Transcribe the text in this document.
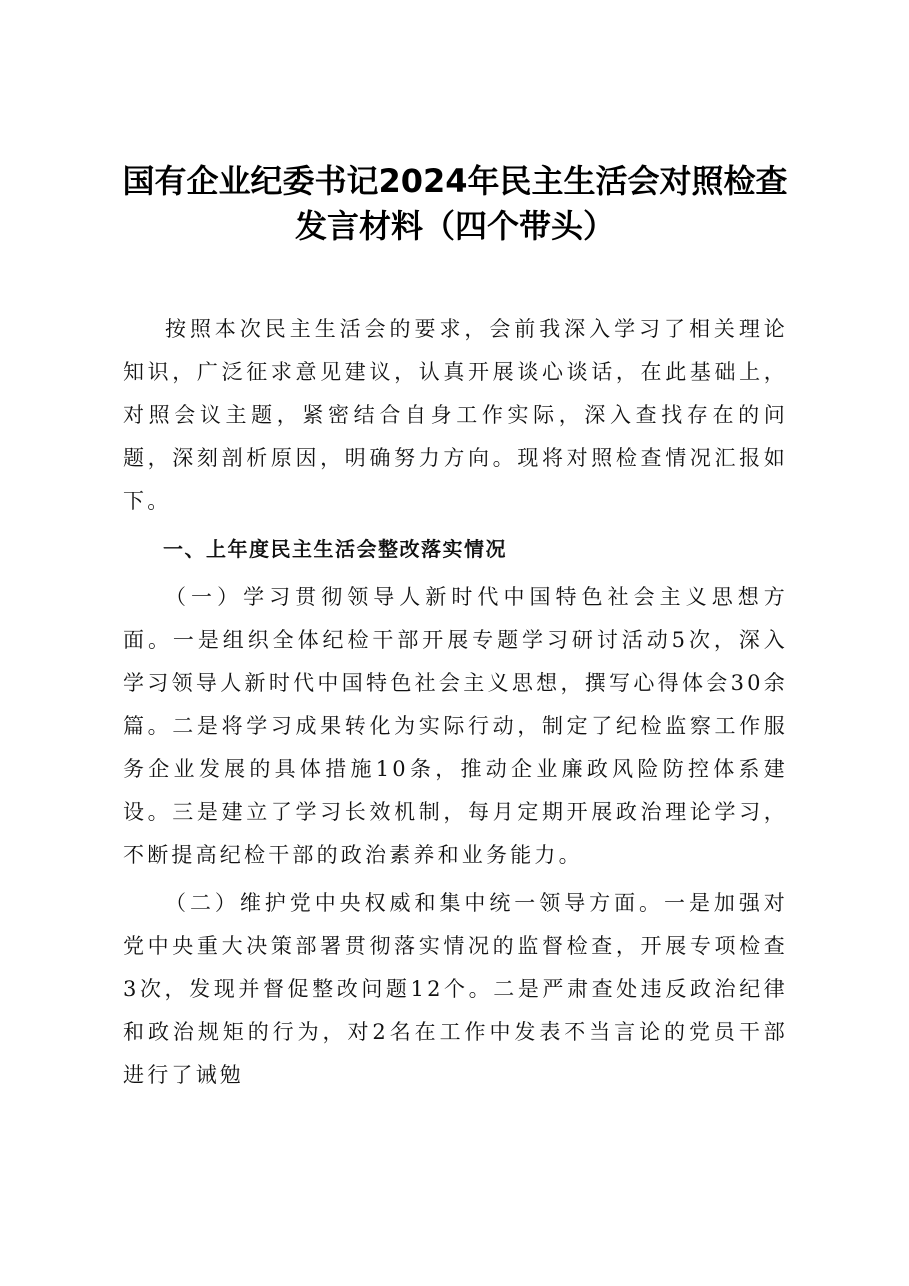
国有企业纪委书记2024年民主生活会对照检查
发言材料（四个带头）

按照本次民主生活会的要求，会前我深入学习了相关理论知识，广泛征求意见建议，认真开展谈心谈话，在此基础上，对照会议主题，紧密结合自身工作实际，深入查找存在的问题，深刻剖析原因，明确努力方向。现将对照检查情况汇报如下。

一、上年度民主生活会整改落实情况

（一）学习贯彻领导人新时代中国特色社会主义思想方面。一是组织全体纪检干部开展专题学习研讨活动5次，深入学习领导人新时代中国特色社会主义思想，撰写心得体会30余篇。二是将学习成果转化为实际行动，制定了纪检监察工作服务企业发展的具体措施10条，推动企业廉政风险防控体系建设。三是建立了学习长效机制，每月定期开展政治理论学习，不断提高纪检干部的政治素养和业务能力。

（二）维护党中央权威和集中统一领导方面。一是加强对党中央重大决策部署贯彻落实情况的监督检查，开展专项检查3次，发现并督促整改问题12个。二是严肃查处违反政治纪律和政治规矩的行为，对2名在工作中发表不当言论的党员干部进行了诫勉
